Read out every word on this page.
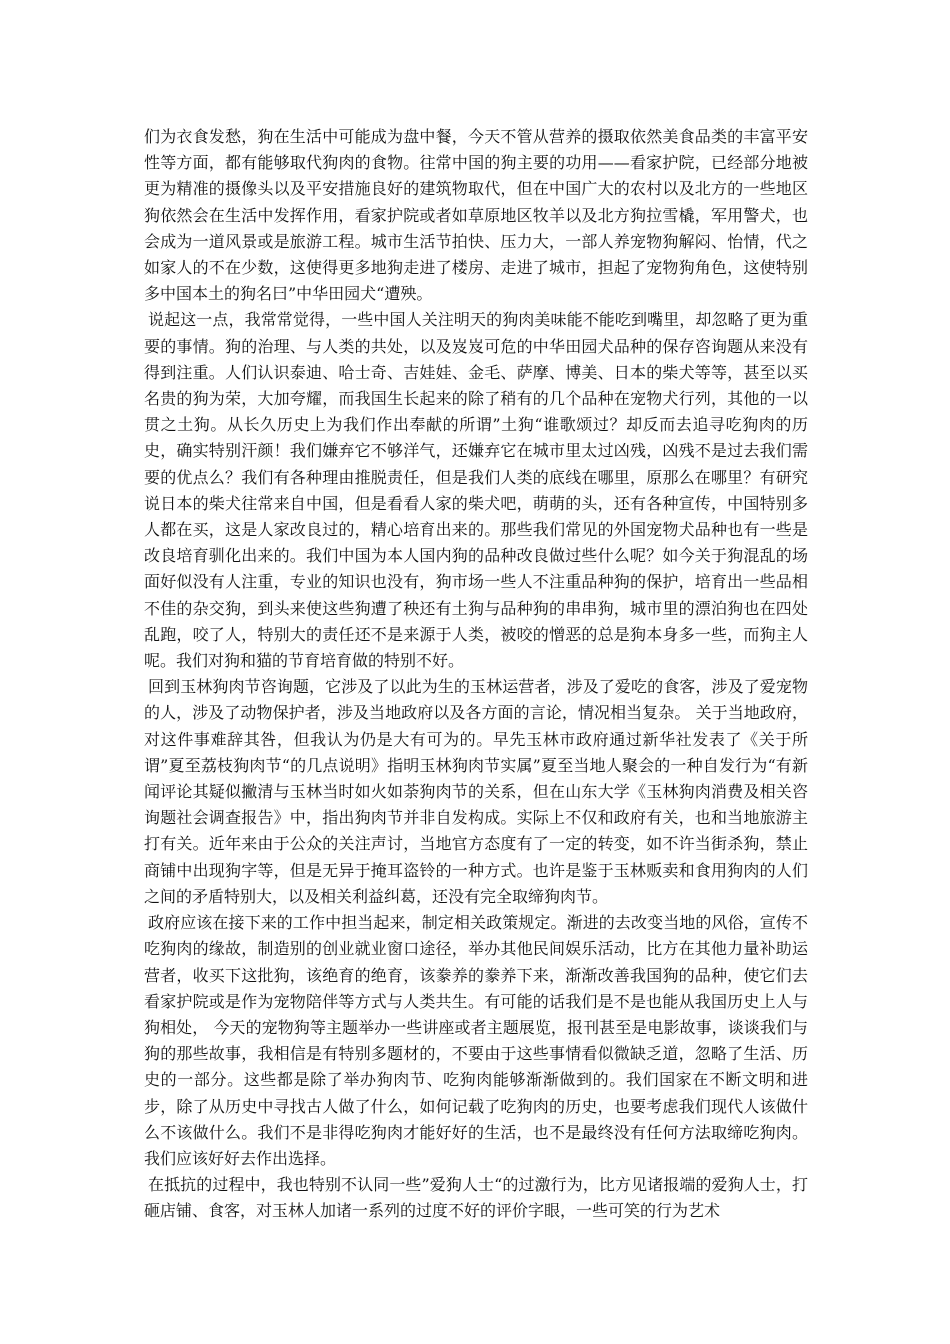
们为衣食发愁，狗在生活中可能成为盘中餐，今天不管从营养的摄取依然美食品类的丰富平安性等方面，都有能够取代狗肉的食物。往常中国的狗主要的功用——看家护院，已经部分地被更为精准的摄像头以及平安措施良好的建筑物取代，但在中国广大的农村以及北方的一些地区狗依然会在生活中发挥作用，看家护院或者如草原地区牧羊以及北方狗拉雪橇，军用警犬，也会成为一道风景或是旅游工程。城市生活节拍快、压力大，一部人养宠物狗解闷、怡情，代之如家人的不在少数，这使得更多地狗走进了楼房、走进了城市，担起了宠物狗角色，这使特别多中国本土的狗名曰”中华田园犬“遭殃。

说起这一点，我常常觉得，一些中国人关注明天的狗肉美味能不能吃到嘴里，却忽略了更为重要的事情。狗的治理、与人类的共处，以及岌岌可危的中华田园犬品种的保存咨询题从来没有得到注重。人们认识泰迪、哈士奇、吉娃娃、金毛、萨摩、博美、日本的柴犬等等，甚至以买名贵的狗为荣，大加夸耀，而我国生长起来的除了稍有的几个品种在宠物犬行列，其他的一以贯之土狗。从长久历史上为我们作出奉献的所谓”土狗“谁歌颂过？却反而去追寻吃狗肉的历史，确实特别汗颜！我们嫌弃它不够洋气，还嫌弃它在城市里太过凶残，凶残不是过去我们需要的优点么？我们有各种理由推脱责任，但是我们人类的底线在哪里，原那么在哪里？有研究说日本的柴犬往常来自中国，但是看看人家的柴犬吧，萌萌的头，还有各种宣传，中国特别多人都在买，这是人家改良过的，精心培育出来的。那些我们常见的外国宠物犬品种也有一些是改良培育驯化出来的。我们中国为本人国内狗的品种改良做过些什么呢？如今关于狗混乱的场面好似没有人注重，专业的知识也没有，狗市场一些人不注重品种狗的保护，培育出一些品相不佳的杂交狗，到头来使这些狗遭了秧还有土狗与品种狗的串串狗，城市里的漂泊狗也在四处乱跑，咬了人，特别大的责任还不是来源于人类，被咬的憎恶的总是狗本身多一些，而狗主人呢。我们对狗和猫的节育培育做的特别不好。

回到玉林狗肉节咨询题，它涉及了以此为生的玉林运营者，涉及了爱吃的食客，涉及了爱宠物的人，涉及了动物保护者，涉及当地政府以及各方面的言论，情况相当复杂。 关于当地政府，对这件事难辞其咎，但我认为仍是大有可为的。早先玉林市政府通过新华社发表了《关于所谓”夏至荔枝狗肉节“的几点说明》指明玉林狗肉节实属”夏至当地人聚会的一种自发行为“有新闻评论其疑似撇清与玉林当时如火如荼狗肉节的关系，但在山东大学《玉林狗肉消费及相关咨询题社会调查报告》中，指出狗肉节并非自发构成。实际上不仅和政府有关，也和当地旅游主打有关。近年来由于公众的关注声讨，当地官方态度有了一定的转变，如不许当街杀狗，禁止商铺中出现狗字等，但是无异于掩耳盗铃的一种方式。也许是鉴于玉林贩卖和食用狗肉的人们之间的矛盾特别大，以及相关利益纠葛，还没有完全取缔狗肉节。

政府应该在接下来的工作中担当起来，制定相关政策规定。渐进的去改变当地的风俗，宣传不吃狗肉的缘故，制造别的创业就业窗口途径，举办其他民间娱乐活动，比方在其他力量补助运营者，收买下这批狗，该绝育的绝育，该豢养的豢养下来，渐渐改善我国狗的品种，使它们去看家护院或是作为宠物陪伴等方式与人类共生。有可能的话我们是不是也能从我国历史上人与狗相处， 今天的宠物狗等主题举办一些讲座或者主题展览，报刊甚至是电影故事，谈谈我们与狗的那些故事，我相信是有特别多题材的，不要由于这些事情看似微缺乏道，忽略了生活、历史的一部分。这些都是除了举办狗肉节、吃狗肉能够渐渐做到的。我们国家在不断文明和进步，除了从历史中寻找古人做了什么，如何记载了吃狗肉的历史，也要考虑我们现代人该做什么不该做什么。我们不是非得吃狗肉才能好好的生活，也不是最终没有任何方法取缔吃狗肉。我们应该好好去作出选择。

在抵抗的过程中，我也特别不认同一些”爱狗人士“的过激行为，比方见诸报端的爱狗人士，打砸店铺、食客，对玉林人加诸一系列的过度不好的评价字眼，一些可笑的行为艺术
